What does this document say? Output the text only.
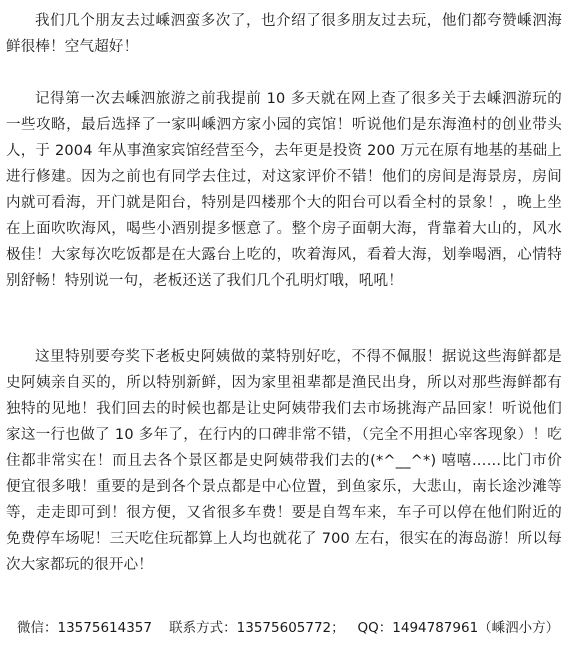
我们几个朋友去过嵊泗蛮多次了，也介绍了很多朋友过去玩，他们都夸赞嵊泗海鲜很棒！空气超好！

记得第一次去嵊泗旅游之前我提前 10 多天就在网上查了很多关于去嵊泗游玩的一些攻略，最后选择了一家叫嵊泗方家小园的宾馆！听说他们是东海渔村的创业带头人，于 2004 年从事渔家宾馆经营至今，去年更是投资 200 万元在原有地基的基础上进行修建。因为之前也有同学去住过，对这家评价不错！他们的房间是海景房，房间内就可看海，开门就是阳台，特别是四楼那个大的阳台可以看全村的景象！，晚上坐在上面吹吹海风，喝些小酒别提多惬意了。整个房子面朝大海，背靠着大山的，风水极佳！大家每次吃饭都是在大露台上吃的，吹着海风，看着大海，划拳喝酒，心情特别舒畅！特别说一句，老板还送了我们几个孔明灯哦，吼吼！

这里特别要夸奖下老板史阿姨做的菜特别好吃，不得不佩服！据说这些海鲜都是史阿姨亲自买的，所以特别新鲜，因为家里祖辈都是渔民出身，所以对那些海鲜都有独特的见地！我们回去的时候也都是让史阿姨带我们去市场挑海产品回家！听说他们家这一行也做了 10 多年了，在行内的口碑非常不错，（完全不用担心宰客现象）！吃住都非常实在！而且去各个景区都是史阿姨带我们去的(*^__^*) 嘻嘻……比门市价便宜很多哦！重要的是到各个景点都是中心位置，到鱼家乐，大悲山，南长途沙滩等等，走走即可到！很方便，又省很多车费！要是自驾车来，车子可以停在他们附近的免费停车场呢！三天吃住玩都算上人均也就花了 700 左右，很实在的海岛游！所以每次大家都玩的很开心！

微信：13575614357 联系方式：13575605772； QQ：1494787961（嵊泗小方）
